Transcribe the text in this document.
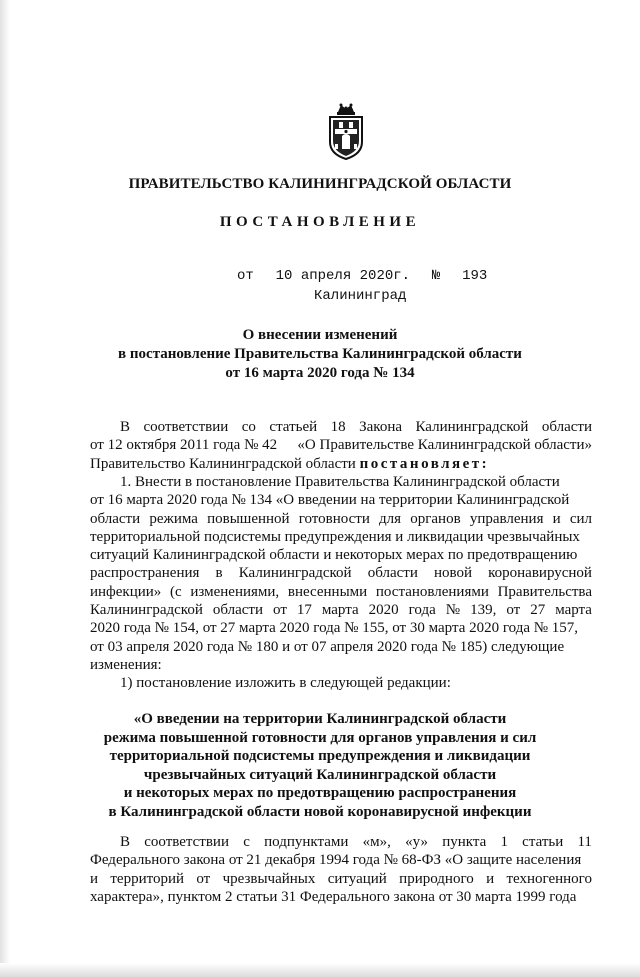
ПРАВИТЕЛЬСТВО КАЛИНИНГРАДСКОЙ ОБЛАСТИ
ПОСТАНОВЛЕНИЕ
от 10 апреля 2020г. № 193
Калининград
О внесении изменений
в постановление Правительства Калининградской области
от 16 марта 2020 года № 134
В соответствии со статьей 18 Закона Калининградской области
от 12 октября 2011 года № 42 «О Правительстве Калининградской области»
Правительство Калининградской области постановляет:
1. Внести в постановление Правительства Калининградской области
от 16 марта 2020 года № 134 «О введении на территории Калининградской
области режима повышенной готовности для органов управления и сил
территориальной подсистемы предупреждения и ликвидации чрезвычайных
ситуаций Калининградской области и некоторых мерах по предотвращению
распространения в Калининградской области новой коронавирусной
инфекции» (с изменениями, внесенными постановлениями Правительства
Калининградской области от 17 марта 2020 года № 139, от 27 марта
2020 года № 154, от 27 марта 2020 года № 155, от 30 марта 2020 года № 157,
от 03 апреля 2020 года № 180 и от 07 апреля 2020 года № 185) следующие
изменения:
1) постановление изложить в следующей редакции:
«О введении на территории Калининградской области
режима повышенной готовности для органов управления и сил
территориальной подсистемы предупреждения и ликвидации
чрезвычайных ситуаций Калининградской области
и некоторых мерах по предотвращению распространения
в Калининградской области новой коронавирусной инфекции
В соответствии с подпунктами «м», «у» пункта 1 статьи 11
Федерального закона от 21 декабря 1994 года № 68-ФЗ «О защите населения
и территорий от чрезвычайных ситуаций природного и техногенного
характера», пунктом 2 статьи 31 Федерального закона от 30 марта 1999 года
